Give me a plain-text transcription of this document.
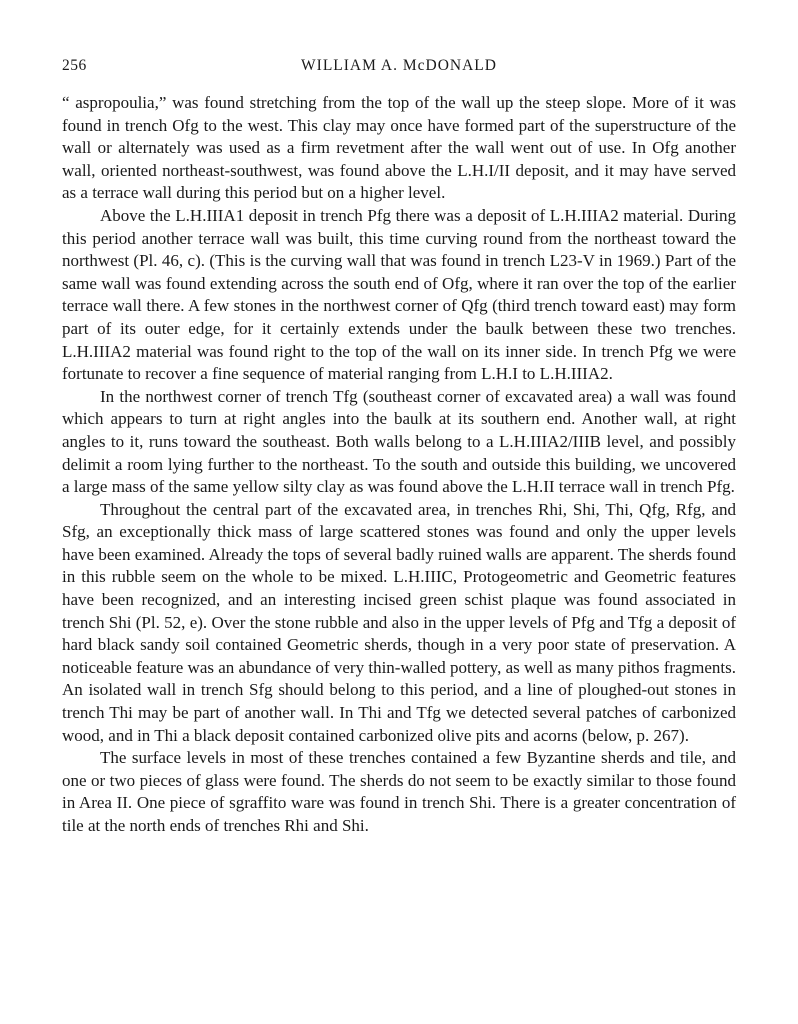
256	WILLIAM A. McDONALD

“ aspropoulia,” was found stretching from the top of the wall up the steep slope. More of it was found in trench Ofg to the west. This clay may once have formed part of the superstructure of the wall or alternately was used as a firm revetment after the wall went out of use. In Ofg another wall, oriented northeast-southwest, was found above the L.H.I/II deposit, and it may have served as a terrace wall during this period but on a higher level.

Above the L.H.IIIA1 deposit in trench Pfg there was a deposit of L.H.IIIA2 material. During this period another terrace wall was built, this time curving round from the northeast toward the northwest (Pl. 46, c). (This is the curving wall that was found in trench L23-V in 1969.) Part of the same wall was found extending across the south end of Ofg, where it ran over the top of the earlier terrace wall there. A few stones in the northwest corner of Qfg (third trench toward east) may form part of its outer edge, for it certainly extends under the baulk between these two trenches. L.H.IIIA2 material was found right to the top of the wall on its inner side. In trench Pfg we were fortunate to recover a fine sequence of material ranging from L.H.I to L.H.IIIA2.

In the northwest corner of trench Tfg (southeast corner of excavated area) a wall was found which appears to turn at right angles into the baulk at its southern end. Another wall, at right angles to it, runs toward the southeast. Both walls belong to a L.H.IIIA2/IIIB level, and possibly delimit a room lying further to the northeast. To the south and outside this building, we uncovered a large mass of the same yellow silty clay as was found above the L.H.II terrace wall in trench Pfg.

Throughout the central part of the excavated area, in trenches Rhi, Shi, Thi, Qfg, Rfg, and Sfg, an exceptionally thick mass of large scattered stones was found and only the upper levels have been examined. Already the tops of several badly ruined walls are apparent. The sherds found in this rubble seem on the whole to be mixed. L.H.IIIC, Protogeometric and Geometric features have been recognized, and an interesting incised green schist plaque was found associated in trench Shi (Pl. 52, e). Over the stone rubble and also in the upper levels of Pfg and Tfg a deposit of hard black sandy soil contained Geometric sherds, though in a very poor state of preservation. A noticeable feature was an abundance of very thin-walled pottery, as well as many pithos fragments. An isolated wall in trench Sfg should belong to this period, and a line of ploughed-out stones in trench Thi may be part of another wall. In Thi and Tfg we detected several patches of carbonized wood, and in Thi a black deposit contained carbonized olive pits and acorns (below, p. 267).

The surface levels in most of these trenches contained a few Byzantine sherds and tile, and one or two pieces of glass were found. The sherds do not seem to be exactly similar to those found in Area II. One piece of sgraffito ware was found in trench Shi. There is a greater concentration of tile at the north ends of trenches Rhi and Shi.
